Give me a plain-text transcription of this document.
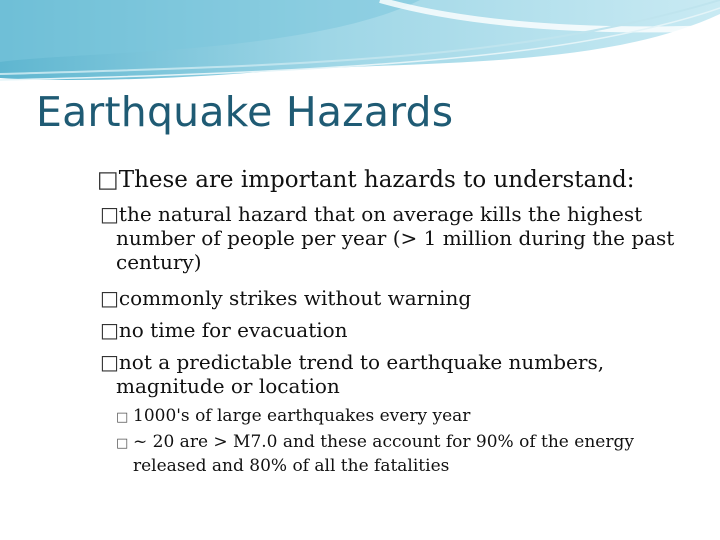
Earthquake Hazards
□These are important hazards to understand:
□the natural hazard that on average kills the highest number of people per year (> 1 million during the past century)
□commonly strikes without warning
□no time for evacuation
□not a predictable trend to earthquake numbers, magnitude or location
□ 1000's of large earthquakes every year
□ ~ 20 are > M7.0 and these account for 90% of the energy released and 80% of all the fatalities
